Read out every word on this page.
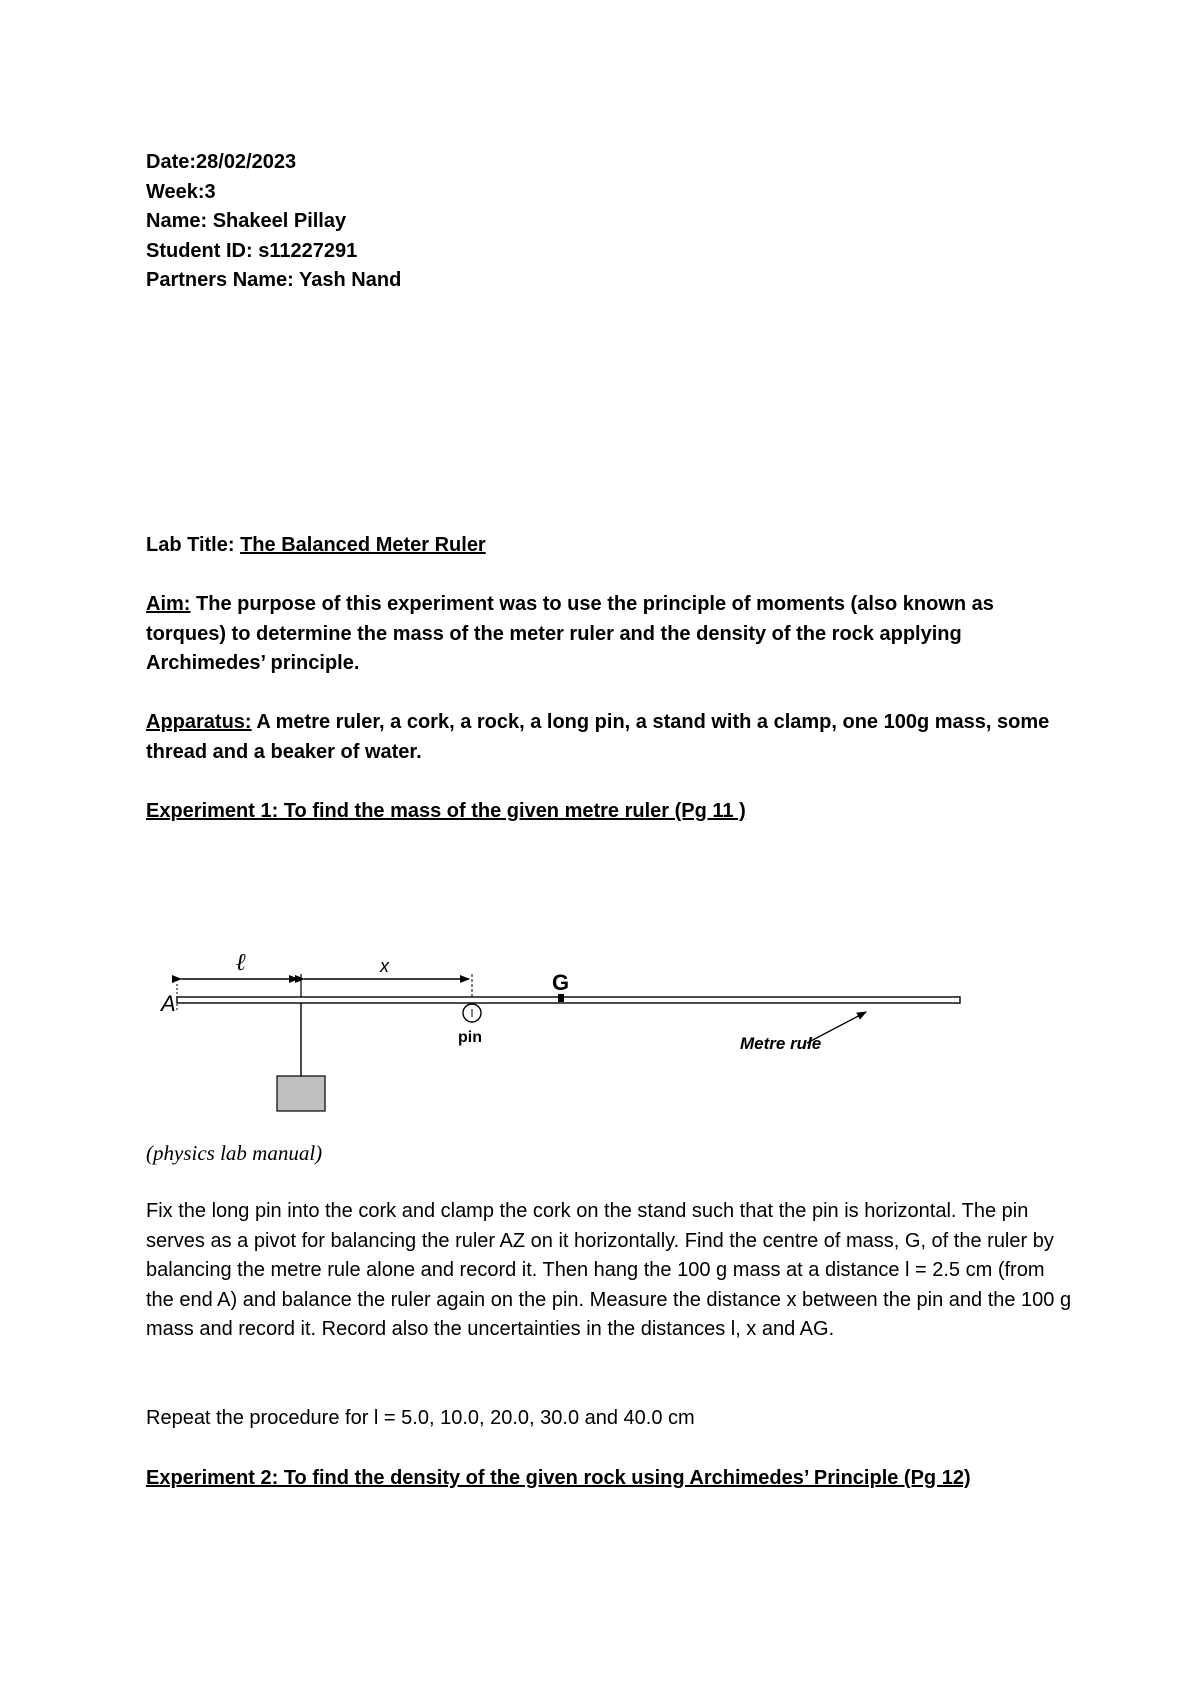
Date:28/02/2023
Week:3
Name: Shakeel Pillay
Student ID: s11227291
Partners Name: Yash Nand
Lab Title: The Balanced Meter Ruler
Aim: The purpose of this experiment was to use the principle of moments (also known as torques) to determine the mass of the meter ruler and the density of the rock applying Archimedes’ principle.
Apparatus: A metre ruler, a cork, a rock, a long pin, a stand with a clamp, one 100g mass, some thread and a beaker of water.
Experiment 1: To find the mass of the given metre ruler (Pg 11 )
ℓ	x
A
G
pin	Metre rule
(physics lab manual)
Fix the long pin into the cork and clamp the cork on the stand such that the pin is horizontal. The pin serves as a pivot for balancing the ruler AZ on it horizontally. Find the centre of mass, G, of the ruler by balancing the metre rule alone and record it. Then hang the 100 g mass at a distance l = 2.5 cm (from the end A) and balance the ruler again on the pin. Measure the distance x between the pin and the 100 g mass and record it. Record also the uncertainties in the distances l, x and AG.
Repeat the procedure for l = 5.0, 10.0, 20.0, 30.0 and 40.0 cm
Experiment 2: To find the density of the given rock using Archimedes’ Principle (Pg 12)
